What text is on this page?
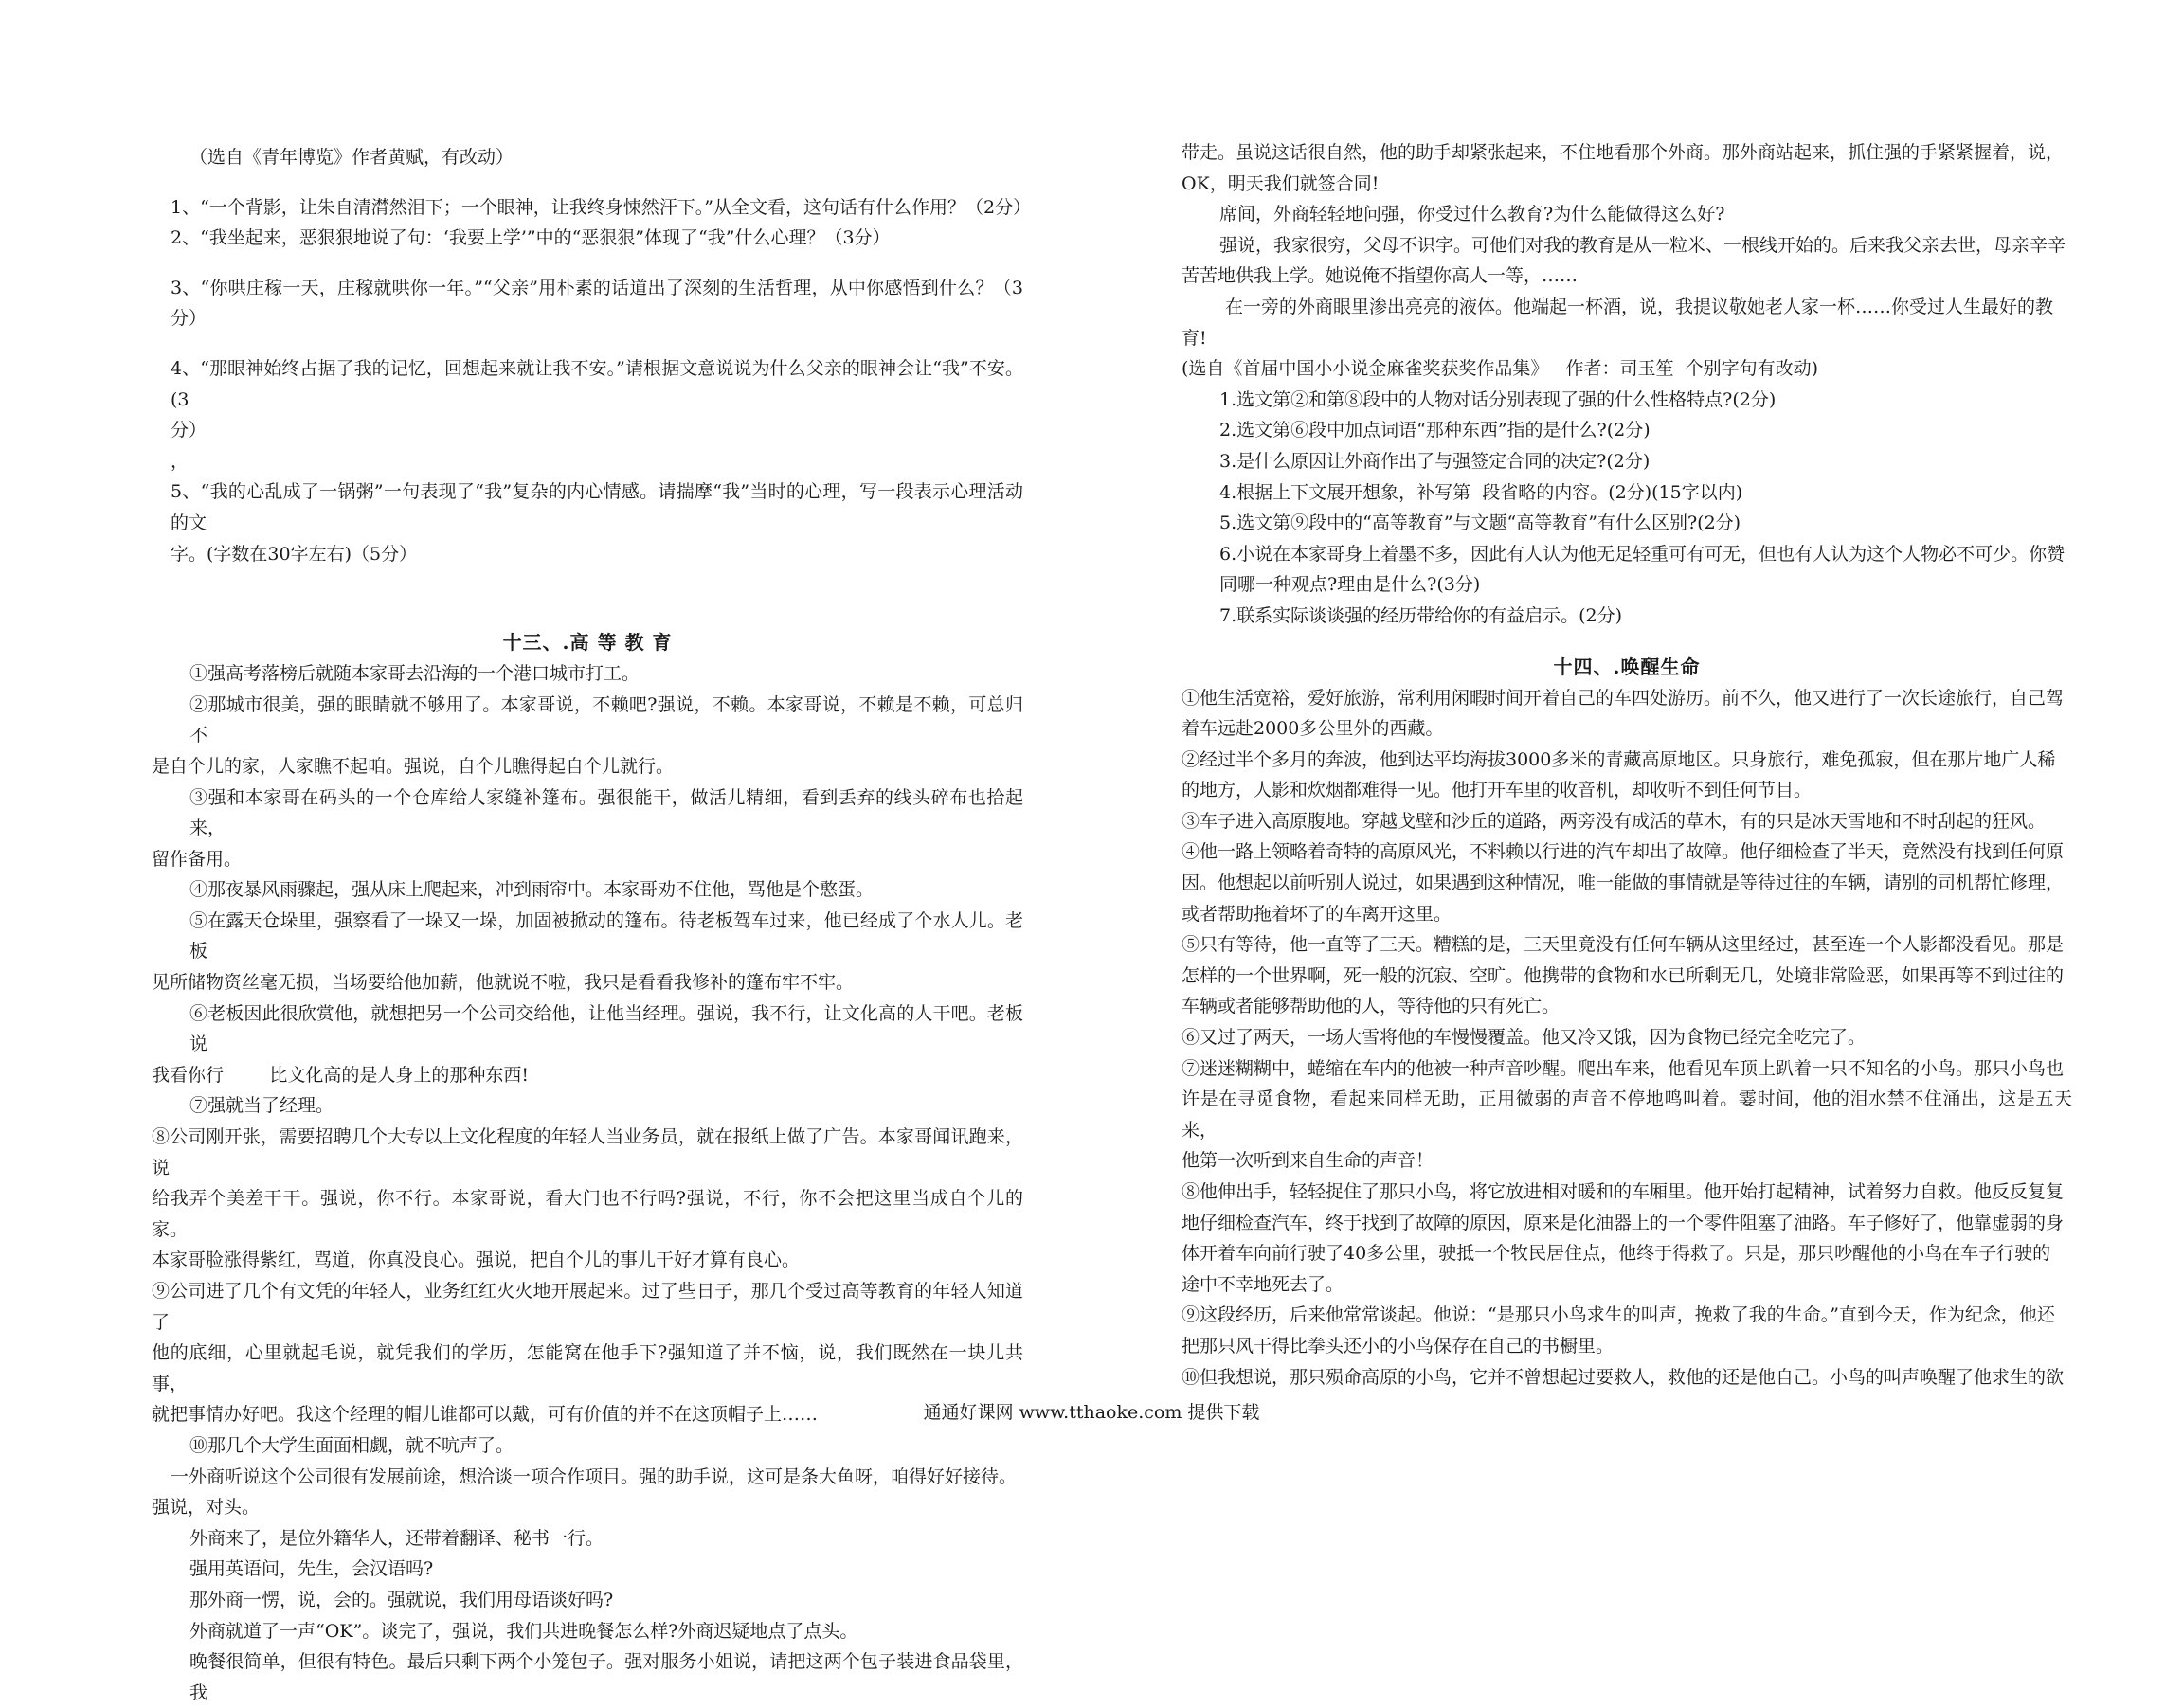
（选自《青年博览》作者黄赋，有改动）

1、“一个背影，让朱自清潸然泪下；一个眼神，让我终身悚然汗下。”从全文看，这句话有什么作用？（2分）

2、“我坐起来，恶狠狠地说了句：‘我要上学’”中的“恶狠狠”体现了“我”什么心理？（3分）

3、“你哄庄稼一天，庄稼就哄你一年。”“父亲”用朴素的话道出了深刻的生活哲理，从中你感悟到什么？（3分）

4、“那眼神始终占据了我的记忆，回想起来就让我不安。”请根据文意说说为什么父亲的眼神会让“我”不安。(3

分）

，

5、“我的心乱成了一锅粥”一句表现了“我”复杂的内心情感。请揣摩“我”当时的心理，写一段表示心理活动的文

字。(字数在30字左右)（5分）

十三、.高 等 教 育

①强高考落榜后就随本家哥去沿海的一个港口城市打工。

②那城市很美，强的眼睛就不够用了。本家哥说，不赖吧?强说，不赖。本家哥说，不赖是不赖，可总归不

是自个儿的家，人家瞧不起咱。强说，自个儿瞧得起自个儿就行。

③强和本家哥在码头的一个仓库给人家缝补篷布。强很能干，做活儿精细，看到丢弃的线头碎布也拾起来，

留作备用。

④那夜暴风雨骤起，强从床上爬起来，冲到雨帘中。本家哥劝不住他，骂他是个憨蛋。

⑤在露天仓垛里，强察看了一垛又一垛，加固被掀动的篷布。待老板驾车过来，他已经成了个水人儿。老板

见所储物资丝毫无损，当场要给他加薪，他就说不啦，我只是看看我修补的篷布牢不牢。

⑥老板因此很欣赏他，就想把另一个公司交给他，让他当经理。强说，我不行，让文化高的人干吧。老板说

我看你行        比文化高的是人身上的那种东西!

⑦强就当了经理。

⑧公司刚开张，需要招聘几个大专以上文化程度的年轻人当业务员，就在报纸上做了广告。本家哥闻讯跑来，说

给我弄个美差干干。强说，你不行。本家哥说，看大门也不行吗?强说，不行，你不会把这里当成自个儿的家。

本家哥脸涨得紫红，骂道，你真没良心。强说，把自个儿的事儿干好才算有良心。

⑨公司进了几个有文凭的年轻人，业务红红火火地开展起来。过了些日子，那几个受过高等教育的年轻人知道了

他的底细，心里就起毛说，就凭我们的学历，怎能窝在他手下?强知道了并不恼，说，我们既然在一块儿共事，

就把事情办好吧。我这个经理的帽儿谁都可以戴，可有价值的并不在这顶帽子上……

⑩那几个大学生面面相觑，就不吭声了。

一外商听说这个公司很有发展前途，想洽谈一项合作项目。强的助手说，这可是条大鱼呀，咱得好好接待。

强说，对头。

外商来了，是位外籍华人，还带着翻译、秘书一行。

强用英语问，先生，会汉语吗?

那外商一愣，说，会的。强就说，我们用母语谈好吗?

外商就道了一声“OK”。谈完了，强说，我们共进晚餐怎么样?外商迟疑地点了点头。

晚餐很简单，但很有特色。最后只剩下两个小笼包子。强对服务小姐说，请把这两个包子装进食品袋里，我

带走。虽说这话很自然，他的助手却紧张起来，不住地看那个外商。那外商站起来，抓住强的手紧紧握着，说，

OK，明天我们就签合同!

席间，外商轻轻地问强，你受过什么教育?为什么能做得这么好?

强说，我家很穷，父母不识字。可他们对我的教育是从一粒米、一根线开始的。后来我父亲去世，母亲辛辛

苦苦地供我上学。她说俺不指望你高人一等，……

在一旁的外商眼里渗出亮亮的液体。他端起一杯酒，说，我提议敬她老人家一杯……你受过人生最好的教

育!

(选自《首届中国小小说金麻雀奖获奖作品集》   作者：司玉笙  个别字句有改动)

1.选文第②和第⑧段中的人物对话分别表现了强的什么性格特点?(2分)

2.选文第⑥段中加点词语“那种东西”指的是什么?(2分)

3.是什么原因让外商作出了与强签定合同的决定?(2分)

4.根据上下文展开想象，补写第  段省略的内容。(2分)(15字以内)

5.选文第⑨段中的“高等教育”与文题“高等教育”有什么区别?(2分)

6.小说在本家哥身上着墨不多，因此有人认为他无足轻重可有可无，但也有人认为这个人物必不可少。你赞

同哪一种观点?理由是什么?(3分)

7.联系实际谈谈强的经历带给你的有益启示。(2分)

十四、.唤醒生命

①他生活宽裕，爱好旅游，常利用闲暇时间开着自己的车四处游历。前不久，他又进行了一次长途旅行，自己驾

着车远赴2000多公里外的西藏。

②经过半个多月的奔波，他到达平均海拔3000多米的青藏高原地区。只身旅行，难免孤寂，但在那片地广人稀

的地方，人影和炊烟都难得一见。他打开车里的收音机，却收听不到任何节目。

③车子进入高原腹地。穿越戈壁和沙丘的道路，两旁没有成活的草木，有的只是冰天雪地和不时刮起的狂风。

④他一路上领略着奇特的高原风光，不料赖以行进的汽车却出了故障。他仔细检查了半天，竟然没有找到任何原

因。他想起以前听别人说过，如果遇到这种情况，唯一能做的事情就是等待过往的车辆，请别的司机帮忙修理，

或者帮助拖着坏了的车离开这里。

⑤只有等待，他一直等了三天。糟糕的是，三天里竟没有任何车辆从这里经过，甚至连一个人影都没看见。那是

怎样的一个世界啊，死一般的沉寂、空旷。他携带的食物和水已所剩无几，处境非常险恶，如果再等不到过往的

车辆或者能够帮助他的人，等待他的只有死亡。

⑥又过了两天，一场大雪将他的车慢慢覆盖。他又冷又饿，因为食物已经完全吃完了。

⑦迷迷糊糊中，蜷缩在车内的他被一种声音吵醒。爬出车来，他看见车顶上趴着一只不知名的小鸟。那只小鸟也

许是在寻觅食物，看起来同样无助，正用微弱的声音不停地鸣叫着。霎时间，他的泪水禁不住涌出，这是五天来，

他第一次听到来自生命的声音！

⑧他伸出手，轻轻捉住了那只小鸟，将它放进相对暖和的车厢里。他开始打起精神，试着努力自救。他反反复复

地仔细检查汽车，终于找到了故障的原因，原来是化油器上的一个零件阻塞了油路。车子修好了，他靠虚弱的身

体开着车向前行驶了40多公里，驶抵一个牧民居住点，他终于得救了。只是，那只吵醒他的小鸟在车子行驶的

途中不幸地死去了。

⑨这段经历，后来他常常谈起。他说：“是那只小鸟求生的叫声，挽救了我的生命。”直到今天，作为纪念，他还

把那只风干得比拳头还小的小鸟保存在自己的书橱里。

⑩但我想说，那只殒命高原的小鸟，它并不曾想起过要救人，救他的还是他自己。小鸟的叫声唤醒了他求生的欲

通通好课网 www.tthaoke.com 提供下载
